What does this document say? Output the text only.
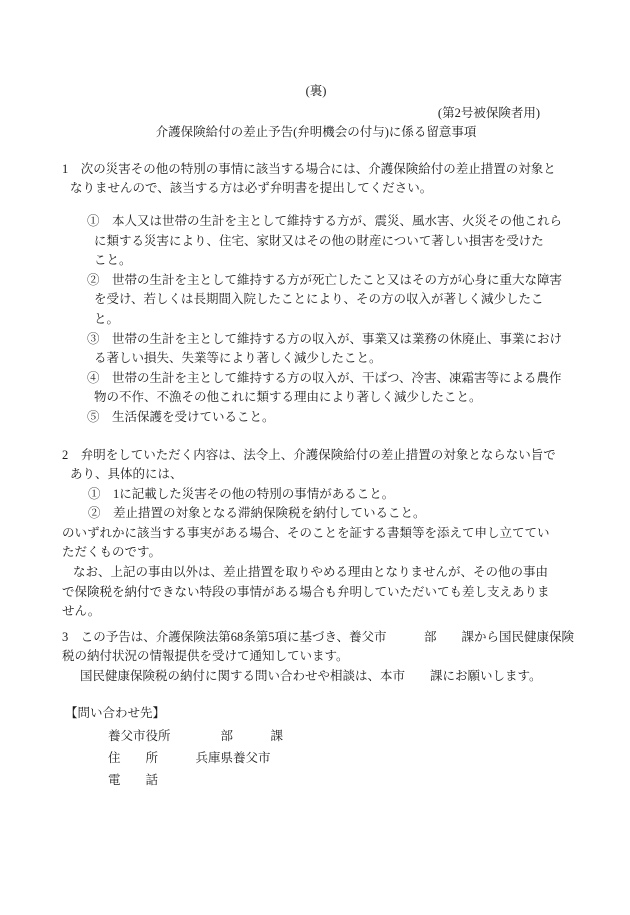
(裏)
(第2号被保険者用)
介護保険給付の差止予告(弁明機会の付与)に係る留意事項
1　次の災害その他の特別の事情に該当する場合には、介護保険給付の差止措置の対象と
なりませんので、該当する方は必ず弁明書を提出してください。
①　本人又は世帯の生計を主として維持する方が、震災、風水害、火災その他これら
に類する災害により、住宅、家財又はその他の財産について著しい損害を受けた
こと。
②　世帯の生計を主として維持する方が死亡したこと又はその方が心身に重大な障害
を受け、若しくは長期間入院したことにより、その方の収入が著しく減少したこ
と。
③　世帯の生計を主として維持する方の収入が、事業又は業務の休廃止、事業におけ
る著しい損失、失業等により著しく減少したこと。
④　世帯の生計を主として維持する方の収入が、干ばつ、冷害、凍霜害等による農作
物の不作、不漁その他これに類する理由により著しく減少したこと。
⑤　生活保護を受けていること。
2　弁明をしていただく内容は、法令上、介護保険給付の差止措置の対象とならない旨で
あり、具体的には、
①　1に記載した災害その他の特別の事情があること。
②　差止措置の対象となる滞納保険税を納付していること。
のいずれかに該当する事実がある場合、そのことを証する書類等を添えて申し立ててい
ただくものです。
なお、上記の事由以外は、差止措置を取りやめる理由となりませんが、その他の事由
で保険税を納付できない特段の事情がある場合も弁明していただいても差し支えありま
せん。
3　この予告は、介護保険法第68条第5項に基づき、養父市　　　部　　課から国民健康保険
税の納付状況の情報提供を受けて通知しています。
国民健康保険税の納付に関する問い合わせや相談は、本市　　課にお願いします。
【問い合わせ先】
養父市役所　　　　部　　　課
住　　所　　　兵庫県養父市
電　　話
